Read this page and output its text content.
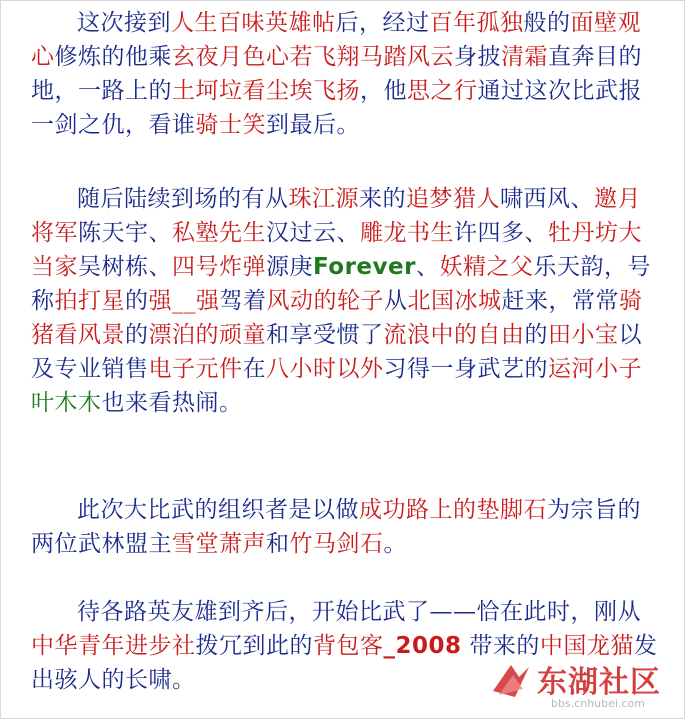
这次接到人生百味英雄帖后，经过百年孤独般的面壁观心修炼的他乘玄夜月色心若飞翔马踏风云身披清霜直奔目的地，一路上的土坷垃看尘埃飞扬，他思之行通过这次比武报一剑之仇，看谁骑士笑到最后。

随后陆续到场的有从珠江源来的追梦猎人啸西风、邀月将军陈天宇、私塾先生汉过云、雕龙书生许四多、牡丹坊大当家吴树栋、四号炸弹源庚Forever、妖精之父乐天韵，号称拍打星的强__强驾着风动的轮子从北国冰城赶来，常常骑猪看风景的漂泊的顽童和享受惯了流浪中的自由的田小宝以及专业销售电子元件在八小时以外习得一身武艺的运河小子叶木木也来看热闹。

此次大比武的组织者是以做成功路上的垫脚石为宗旨的两位武林盟主雪堂萧声和竹马剑石。

待各路英友雄到齐后，开始比武了——恰在此时，刚从中华青年进步社拨冗到此的背包客_2008 带来的中国龙猫发出骇人的长啸。	东湖社区
bbs.cnhubei.com
